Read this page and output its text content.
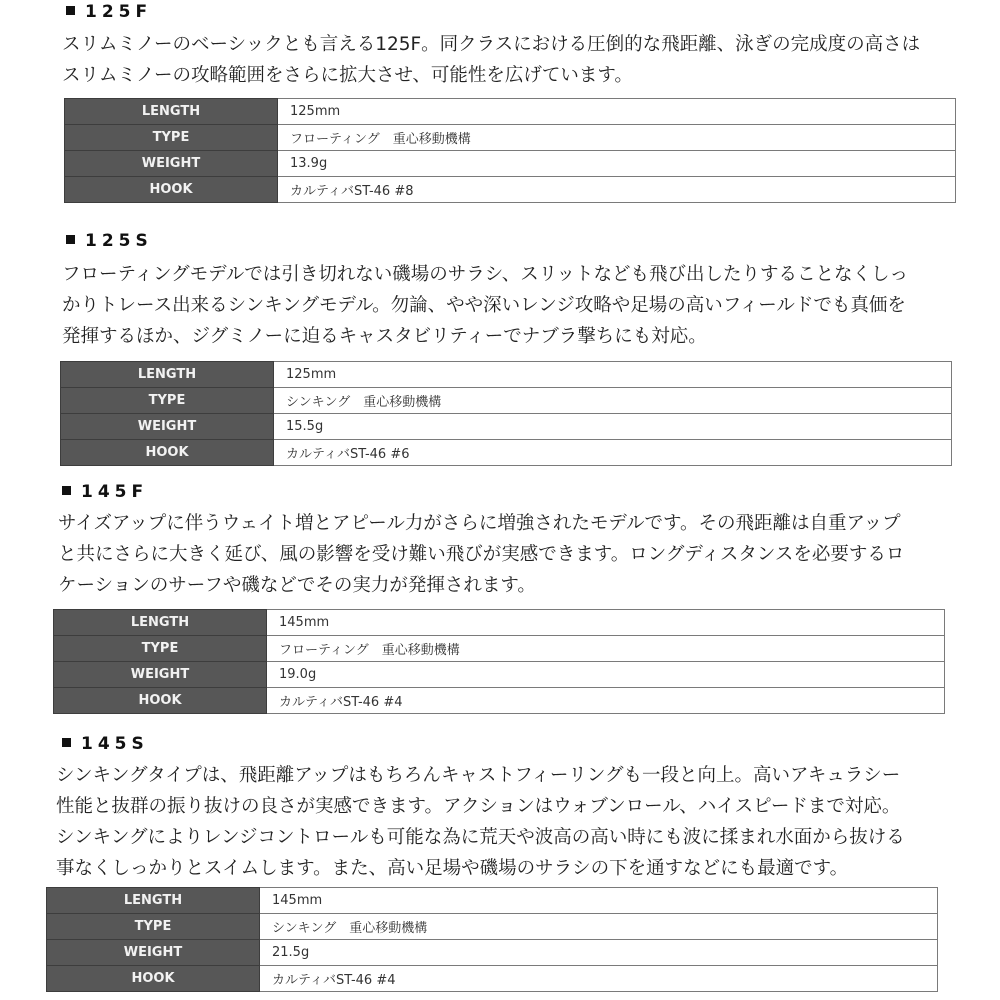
125F
スリムミノーのベーシックとも言える125F。同クラスにおける圧倒的な飛距離、泳ぎの完成度の高さは
スリムミノーの攻略範囲をさらに拡大させ、可能性を広げています。
LENGTH	125mm
TYPE	フローティング　重心移動機構
WEIGHT	13.9g
HOOK	カルティバST-46 #8
125S
フローティングモデルでは引き切れない磯場のサラシ、スリットなども飛び出したりすることなくしっ
かりトレース出来るシンキングモデル。勿論、やや深いレンジ攻略や足場の高いフィールドでも真価を
発揮するほか、ジグミノーに迫るキャスタビリティーでナブラ撃ちにも対応。
LENGTH	125mm
TYPE	シンキング　重心移動機構
WEIGHT	15.5g
HOOK	カルティバST-46 #6
145F
サイズアップに伴うウェイト増とアピール力がさらに増強されたモデルです。その飛距離は自重アップ
と共にさらに大きく延び、風の影響を受け難い飛びが実感できます。ロングディスタンスを必要するロ
ケーションのサーフや磯などでその実力が発揮されます。
LENGTH	145mm
TYPE	フローティング　重心移動機構
WEIGHT	19.0g
HOOK	カルティバST-46 #4
145S
シンキングタイプは、飛距離アップはもちろんキャストフィーリングも一段と向上。高いアキュラシー
性能と抜群の振り抜けの良さが実感できます。アクションはウォブンロール、ハイスピードまで対応。
シンキングによりレンジコントロールも可能な為に荒天や波高の高い時にも波に揉まれ水面から抜ける
事なくしっかりとスイムします。また、高い足場や磯場のサラシの下を通すなどにも最適です。
LENGTH	145mm
TYPE	シンキング　重心移動機構
WEIGHT	21.5g
HOOK	カルティバST-46 #4
